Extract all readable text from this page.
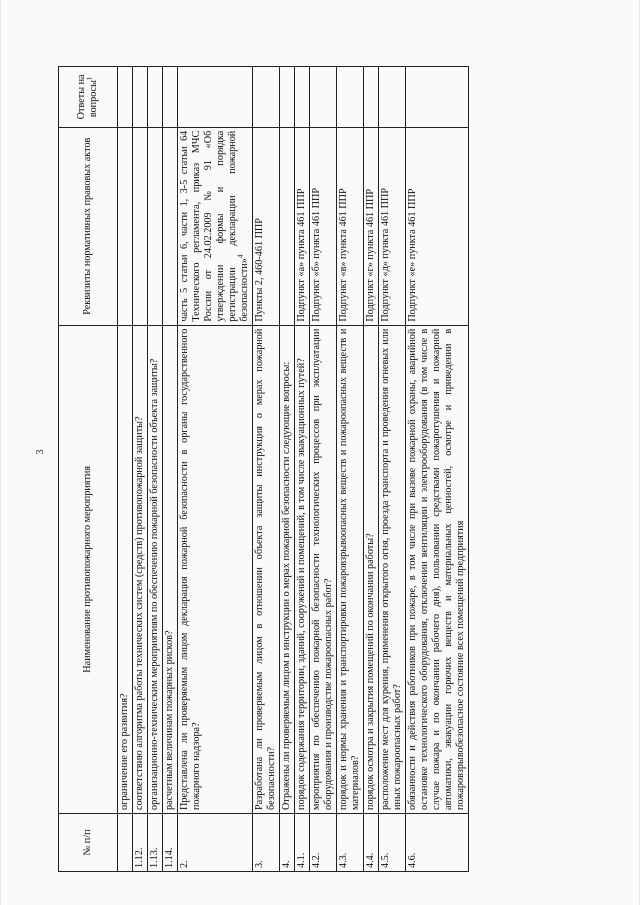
3
№ п/п	Наименование противопожарного мероприятия	Реквизиты нормативных правовых актов	Ответы на вопросы$^1$
	ограничение его развития?		
1.12.	соответствию алгоритма работы технических систем (средств) противопожарной защиты?		
1.13.	организационно-техническим мероприятиям по обеспечению пожарной безопасности объекта защиты?		
1.14.	расчетным величинам пожарных рисков?		
2.	Представлена ли проверяемым лицом декларация пожарной безопасности в органы государственного пожарного надзора?	часть 5 статьи 6, части 1, 3-5 статьи 64 Технического регламента, приказ МЧС России от 24.02.2009 № 91 «Об утверждении формы и порядка регистрации декларации пожарной безопасности»$^4$	
3.	Разработана ли проверяемым лицом в отношении объекта защиты инструкция о мерах пожарной безопасности?	Пункты 2, 460-461 ППР	
4.	Отражены ли проверяемым лицом в инструкции о мерах пожарной безопасности следующие вопросы:		
4.1.	порядок содержания территории, зданий, сооружений и помещений, в том числе эвакуационных путей?	Подпункт «а» пункта 461 ППР	
4.2.	мероприятия по обеспечению пожарной безопасности технологических процессов при эксплуатации оборудования и производстве пожароопасных работ?	Подпункт «б» пункта 461 ППР	
4.3.	порядок и нормы хранения и транспортировки пожаровзрывоопасных веществ и пожароопасных веществ и материалов?	Подпункт «в» пункта 461 ППР	
4.4.	порядок осмотра и закрытия помещений по окончании работы?	Подпункт «г» пункта 461 ППР	
4.5.	расположение мест для курения, применения открытого огня, проезда транспорта и проведения огневых или иных пожароопасных работ?	Подпункт «д» пункта 461 ППР	
4.6.	обязанности и действия работников при пожаре, в том числе при вызове пожарной охраны, аварийной остановке технологического оборудования, отключении вентиляции и электрооборудования (в том числе в случае пожара и по окончании рабочего дня), пользовании средствами пожаротушения и пожарной автоматики, эвакуации горючих веществ и материальных ценностей, осмотре и приведении в пожаровзрывобезопасное состояние всех помещений предприятия	Подпункт «е» пункта 461 ППР	
